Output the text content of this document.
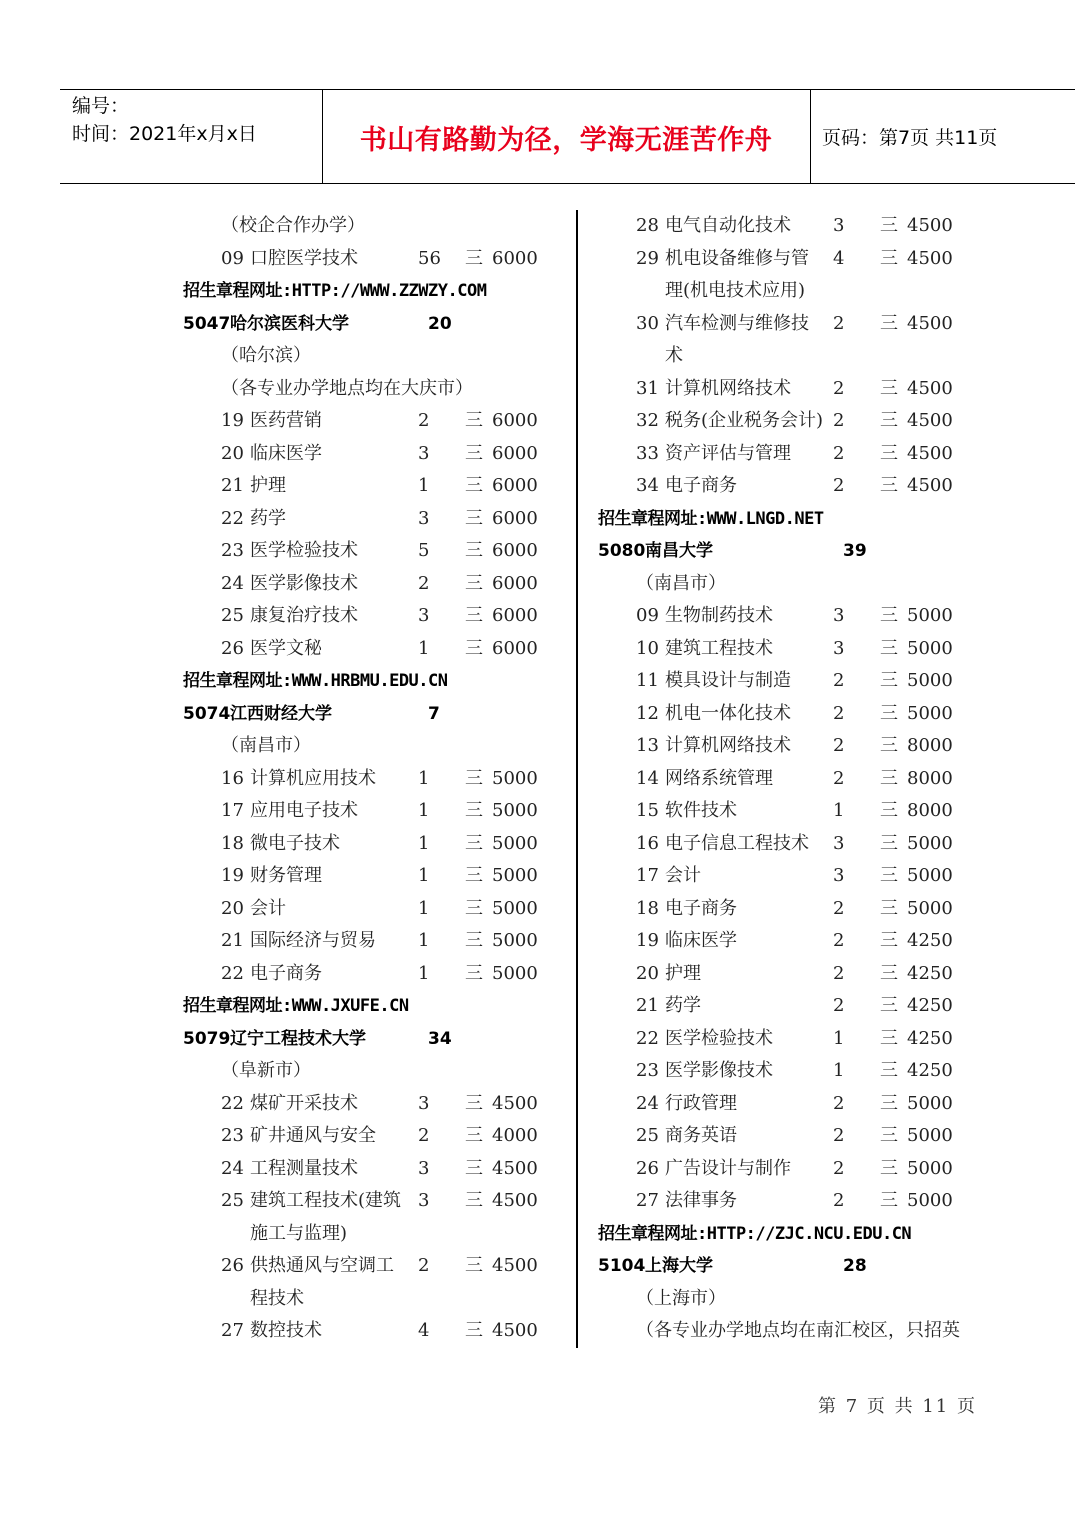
编号：
时间：2021年x月x日	书山有路勤为径，学海无涯苦作舟	页码：第7页 共11页
（校企合作办学）
09 口腔医学技术	56 三 6000
招生章程网址:HTTP://WWW.ZZWZY.COM
5047 哈尔滨医科大学	20
（哈尔滨）
（各专业办学地点均在大庆市）
19 医药营销	2 三 6000
20 临床医学	3 三 6000
21 护理	1 三 6000
22 药学	3 三 6000
23 医学检验技术	5 三 6000
24 医学影像技术	2 三 6000
25 康复治疗技术	3 三 6000
26 医学文秘	1 三 6000
招生章程网址:WWW.HRBMU.EDU.CN
5074 江西财经大学	7
（南昌市）
16 计算机应用技术 1 三 5000
17 应用电子技术	1 三 5000
18 微电子技术	1 三 5000
19 财务管理	1 三 5000
20 会计	1 三 5000
21 国际经济与贸易 1 三 5000
22 电子商务	1 三 5000
招生章程网址:WWW.JXUFE.CN
5079 辽宁工程技术大学	34
（阜新市）
22 煤矿开采技术	3 三 4500
23 矿井通风与安全 2 三 4000
24 工程测量技术	3 三 4500
25 建筑工程技术(建筑 3 三 4500
施工与监理)
26 供热通风与空调工 2 三 4500
程技术
27 数控技术	4 三 4500
28 电气自动化技术 3 三 4500
29 机电设备维修与管 4 三 4500
理(机电技术应用)
30 汽车检测与维修技 2 三 4500
术
31 计算机网络技术 2 三 4500
32 税务(企业税务会计) 2 三 4500
33 资产评估与管理 2 三 4500
34 电子商务	2 三 4500
招生章程网址:WWW.LNGD.NET
5080 南昌大学	39
（南昌市）
09 生物制药技术	3 三 5000
10 建筑工程技术	3 三 5000
11 模具设计与制造 2 三 5000
12 机电一体化技术 2 三 5000
13 计算机网络技术 2 三 8000
14 网络系统管理	2 三 8000
15 软件技术	1 三 8000
16 电子信息工程技术 3 三 5000
17 会计	3 三 5000
18 电子商务	2 三 5000
19 临床医学	2 三 4250
20 护理	2 三 4250
21 药学	2 三 4250
22 医学检验技术	1 三 4250
23 医学影像技术	1 三 4250
24 行政管理	2 三 5000
25 商务英语	2 三 5000
26 广告设计与制作 2 三 5000
27 法律事务	2 三 5000
招生章程网址:HTTP://ZJC.NCU.EDU.CN
5104 上海大学	28
（上海市）
（各专业办学地点均在南汇校区，只招英
第 7 页 共 11 页
